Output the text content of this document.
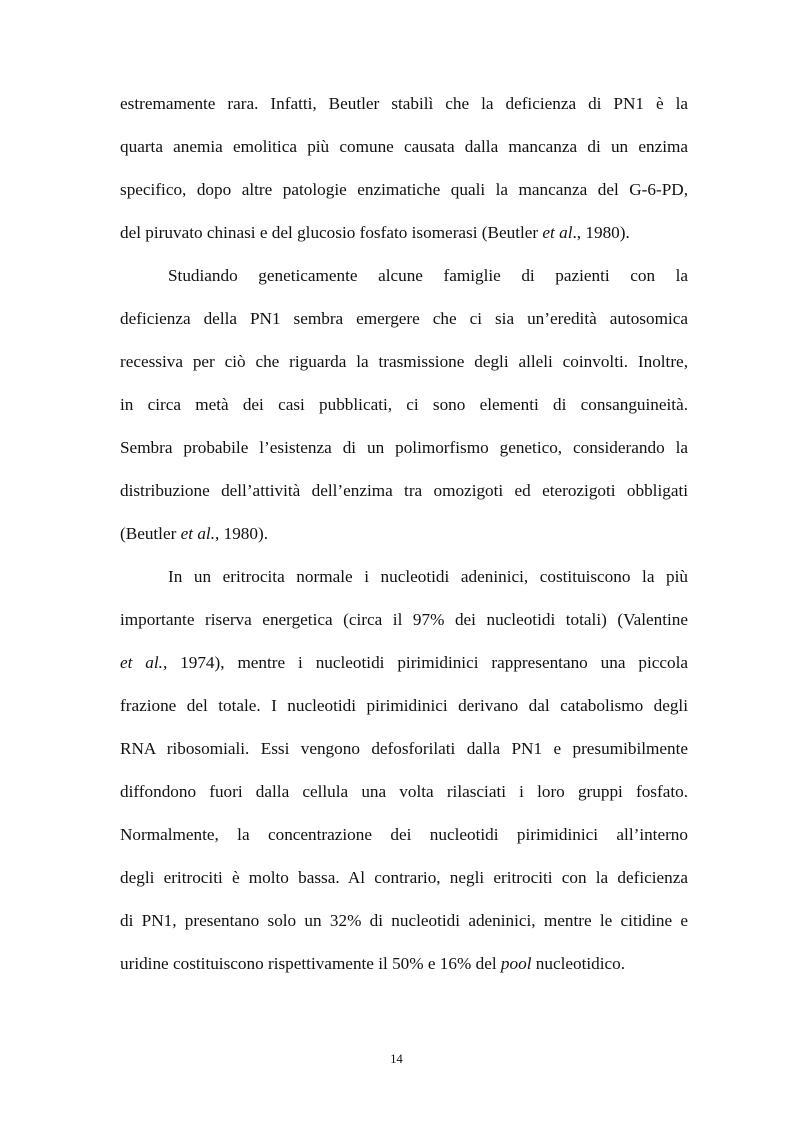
estremamente rara. Infatti, Beutler stabilì che la deficienza di PN1 è la
quarta anemia emolitica più comune causata dalla mancanza di un enzima
specifico, dopo altre patologie enzimatiche quali la mancanza del G-6-PD,
del piruvato chinasi e del glucosio fosfato isomerasi (Beutler et al., 1980).
Studiando geneticamente alcune famiglie di pazienti con la
deficienza della PN1 sembra emergere che ci sia un’eredità autosomica
recessiva per ciò che riguarda la trasmissione degli alleli coinvolti. Inoltre,
in circa metà dei casi pubblicati, ci sono elementi di consanguineità.
Sembra probabile l’esistenza di un polimorfismo genetico, considerando la
distribuzione dell’attività dell’enzima tra omozigoti ed eterozigoti obbligati
(Beutler et al., 1980).
In un eritrocita normale i nucleotidi adeninici, costituiscono la più
importante riserva energetica (circa il 97% dei nucleotidi totali) (Valentine
et al., 1974), mentre i nucleotidi pirimidinici rappresentano una piccola
frazione del totale. I nucleotidi pirimidinici derivano dal catabolismo degli
RNA ribosomiali. Essi vengono defosforilati dalla PN1 e presumibilmente
diffondono fuori dalla cellula una volta rilasciati i loro gruppi fosfato.
Normalmente, la concentrazione dei nucleotidi pirimidinici all’interno
degli eritrociti è molto bassa. Al contrario, negli eritrociti con la deficienza
di PN1, presentano solo un 32% di nucleotidi adeninici, mentre le citidine e
uridine costituiscono rispettivamente il 50% e 16% del pool nucleotidico.
14
